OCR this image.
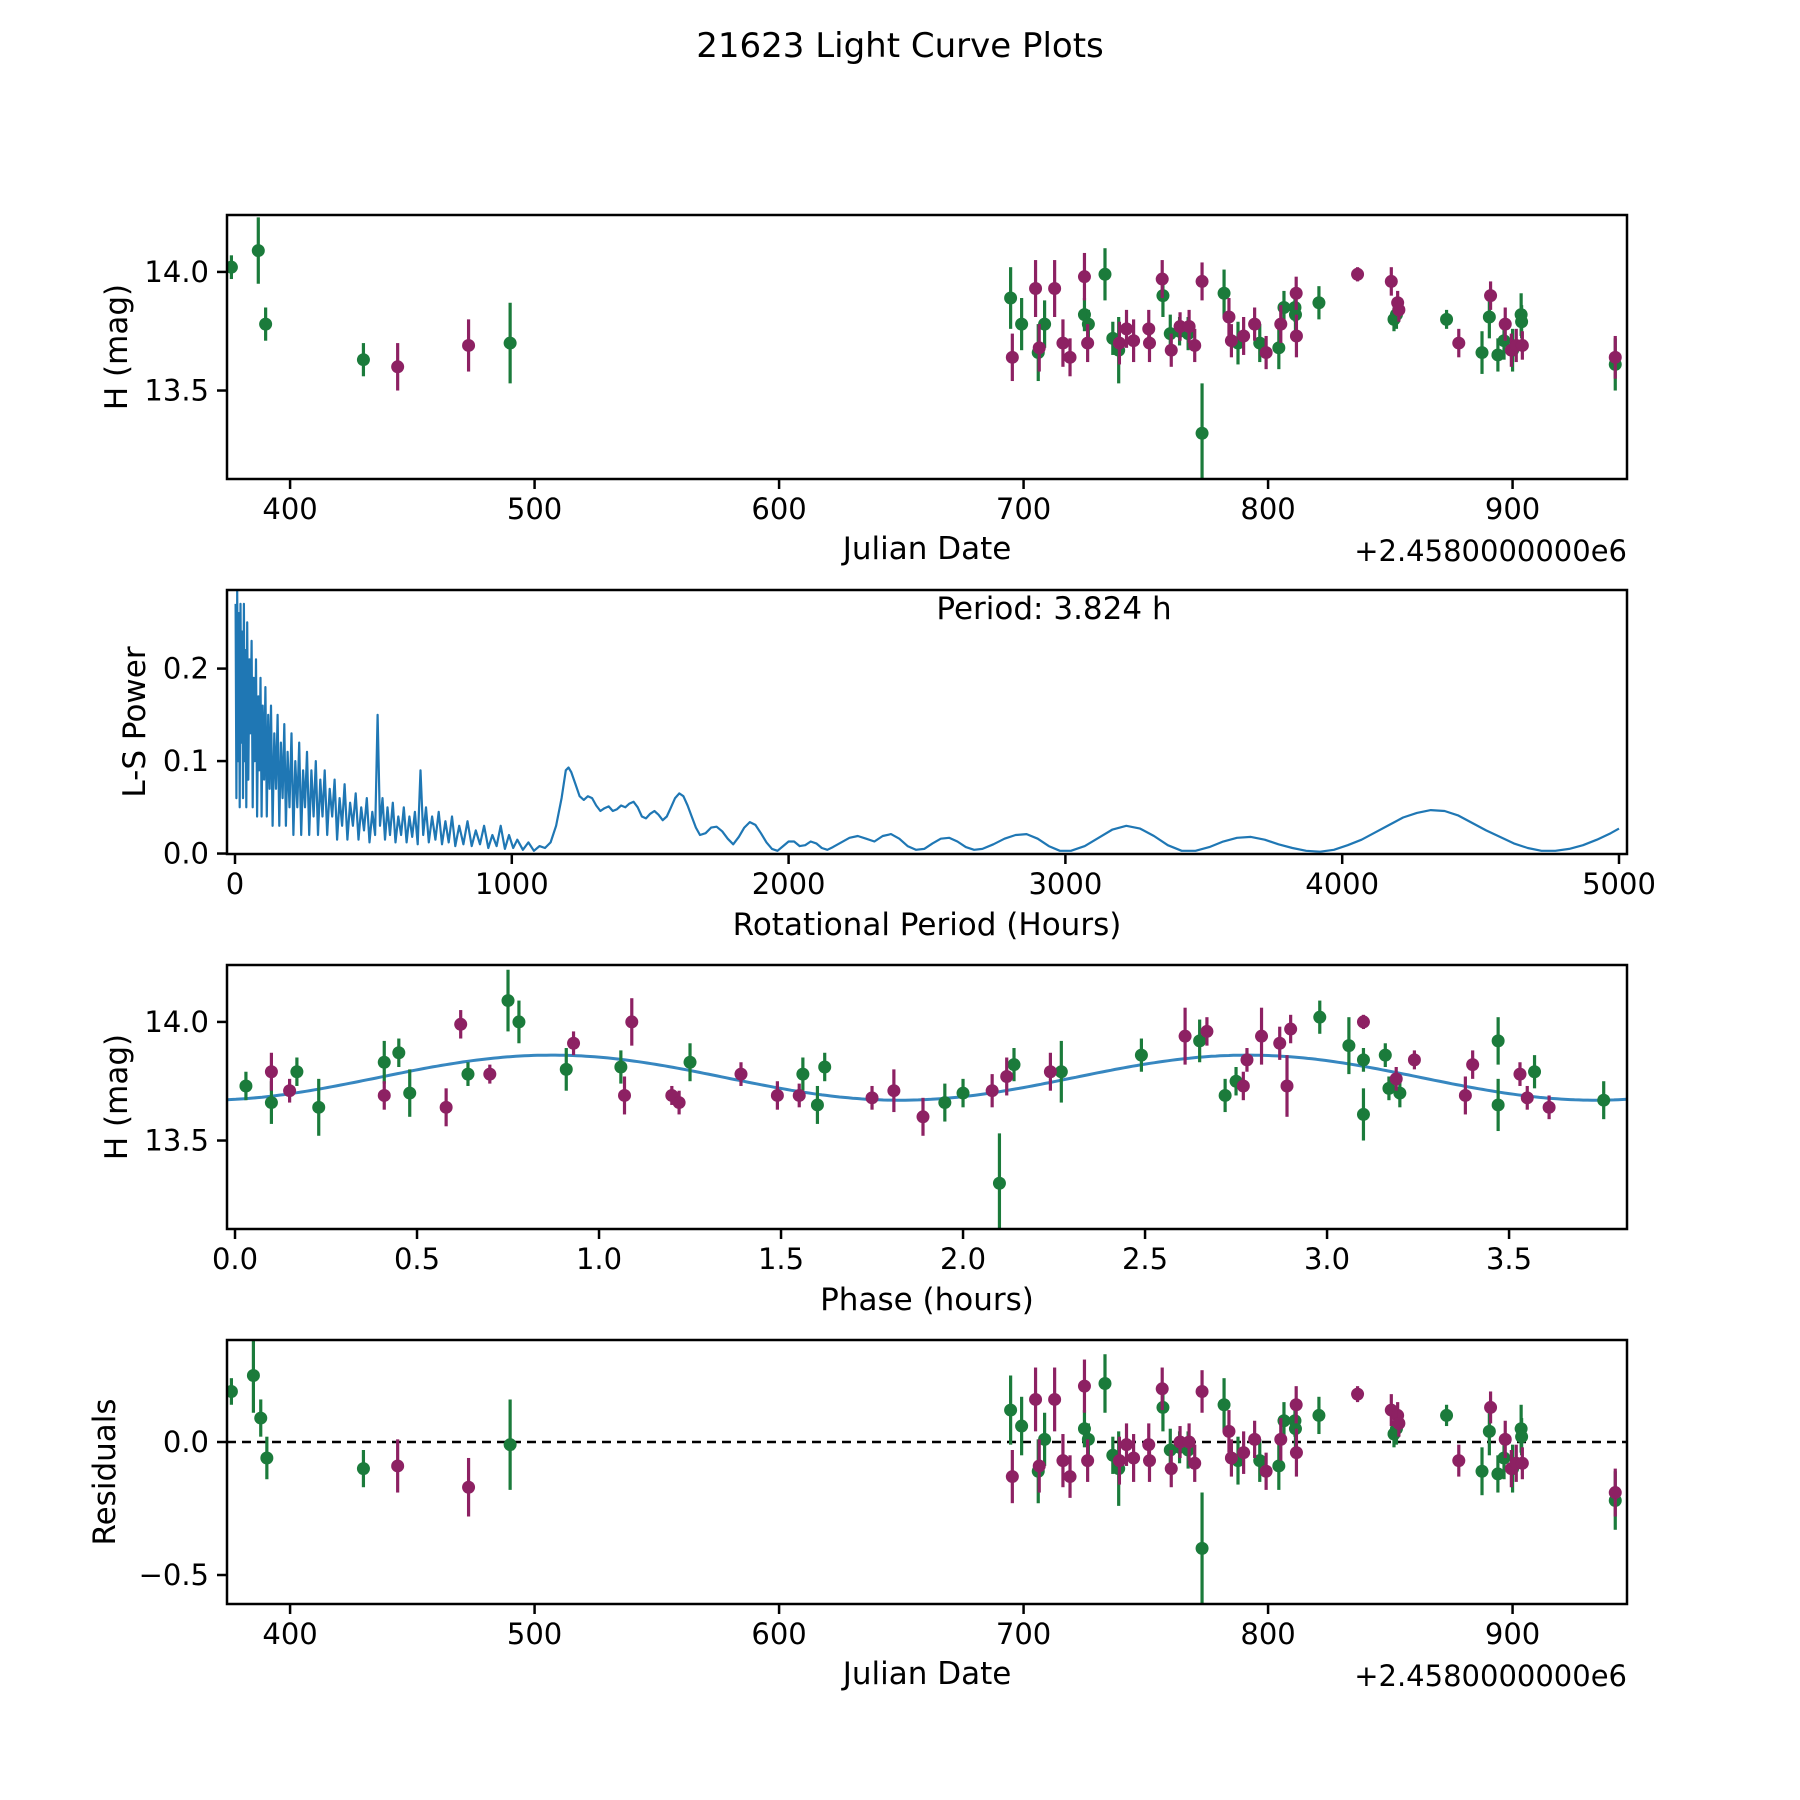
400	500	600	700	800	900
14.0
13.5
0	1000	2000	3000	4000	5000
0.2
0.1
0.0
0.0	0.5	1.0	1.5	2.0	2.5	3.0	3.5
14.0
13.5
400	500	600	700	800	900
0.0
−0.5
21623 Light Curve Plots
Julian Date	+2.4580000000e6
H (mag)
Period: 3.824 h
Rotational Period (Hours)
L-S Power
Phase (hours)
H (mag)
Julian Date	+2.4580000000e6
Residuals
